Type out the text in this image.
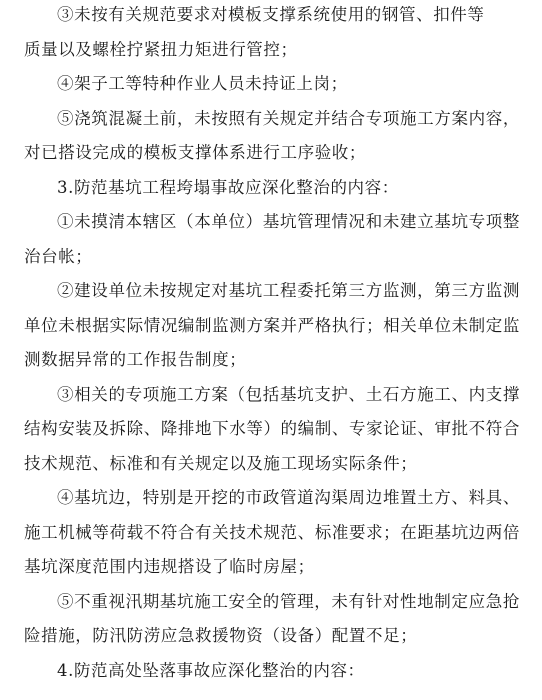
③未按有关规范要求对模板支撑系统使用的钢管、扣件等

质量以及螺栓拧紧扭力矩进行管控；

④架子工等特种作业人员未持证上岗；

⑤浇筑混凝土前，未按照有关规定并结合专项施工方案内容，对已搭设完成的模板支撑体系进行工序验收；

3.防范基坑工程垮塌事故应深化整治的内容：

①未摸清本辖区（本单位）基坑管理情况和未建立基坑专项整治台帐；

②建设单位未按规定对基坑工程委托第三方监测，第三方监测单位未根据实际情况编制监测方案并严格执行；相关单位未制定监测数据异常的工作报告制度；

③相关的专项施工方案（包括基坑支护、土石方施工、内支撑结构安装及拆除、降排地下水等）的编制、专家论证、审批不符合技术规范、标准和有关规定以及施工现场实际条件；

④基坑边，特别是开挖的市政管道沟渠周边堆置土方、料具、施工机械等荷载不符合有关技术规范、标准要求；在距基坑边两倍基坑深度范围内违规搭设了临时房屋；

⑤不重视汛期基坑施工安全的管理，未有针对性地制定应急抢险措施，防汛防涝应急救援物资（设备）配置不足；

4.防范高处坠落事故应深化整治的内容：
